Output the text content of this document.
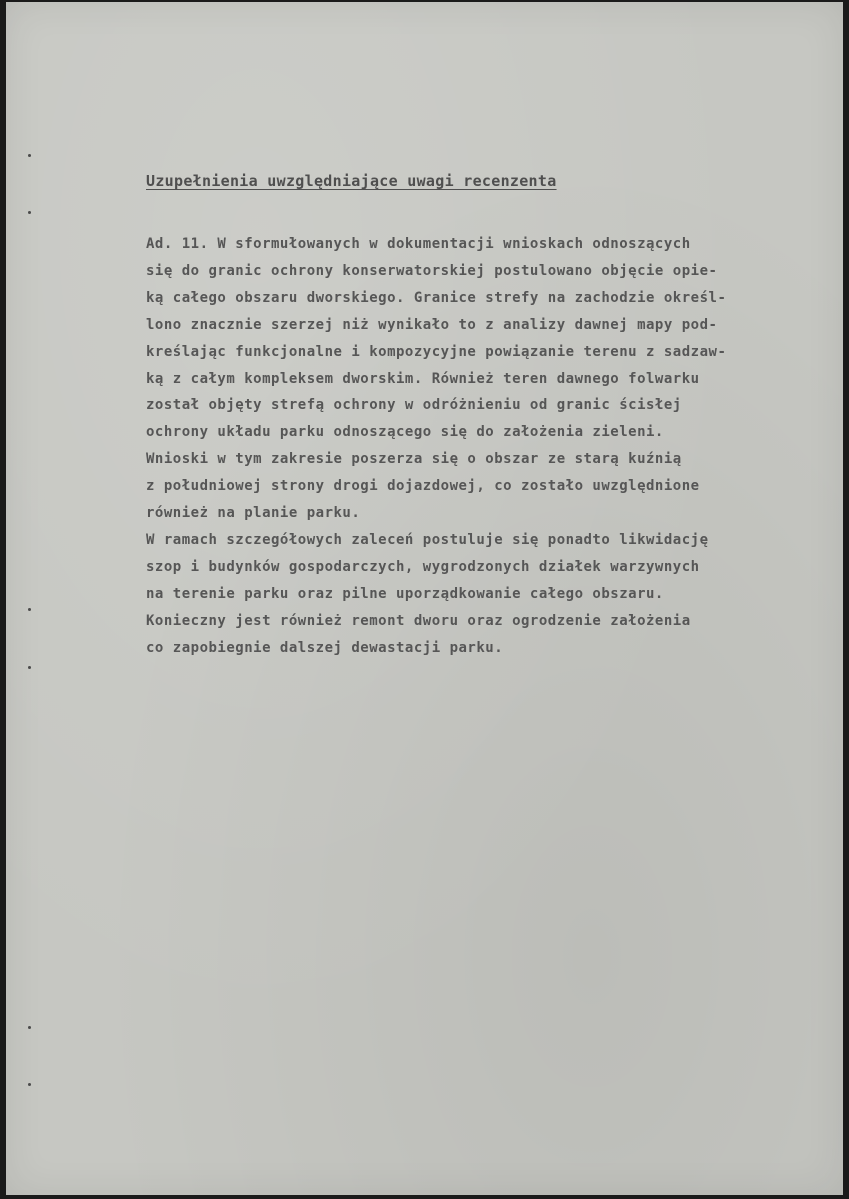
Uzupełnienia uwzględniające uwagi recenzenta
Ad. 11. W sformułowanych w dokumentacji wnioskach odnoszących
się do granic ochrony konserwatorskiej postulowano objęcie opie-
ką całego obszaru dworskiego. Granice strefy na zachodzie określ-
lono znacznie szerzej niż wynikało to z analizy dawnej mapy pod-
kreślając funkcjonalne i kompozycyjne powiązanie terenu z sadzaw-
ką z całym kompleksem dworskim. Również teren dawnego folwarku
został objęty strefą ochrony w odróżnieniu od granic ścisłej
ochrony układu parku odnoszącego się do założenia zieleni.
Wnioski w tym zakresie poszerza się o obszar ze starą kuźnią
z południowej strony drogi dojazdowej, co zostało uwzględnione
również na planie parku.
W ramach szczegółowych zaleceń postuluje się ponadto likwidację
szop i budynków gospodarczych, wygrodzonych działek warzywnych
na terenie parku oraz pilne uporządkowanie całego obszaru.
Konieczny jest również remont dworu oraz ogrodzenie założenia
co zapobiegnie dalszej dewastacji parku.
